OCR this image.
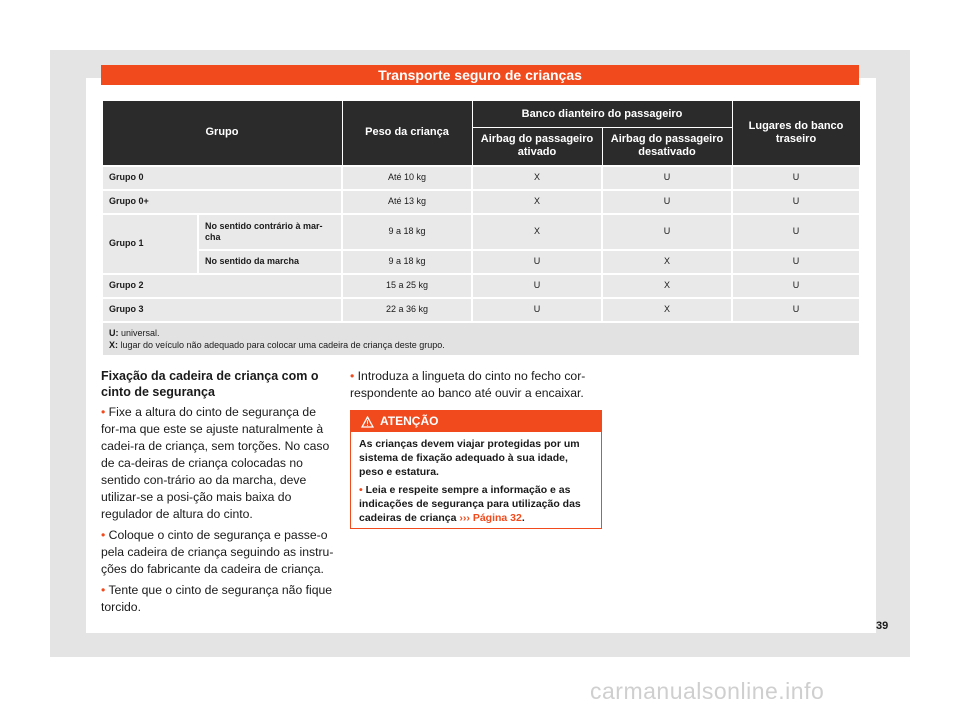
Transporte seguro de crianças
Grupo		Peso da criança	Banco dianteiro do passageiro		Lugares do banco traseiro
			Airbag do passageiro ativado	Airbag do passageiro desativado	
Grupo 0		Até 10 kg	X	U	U
Grupo 0+		Até 13 kg	X	U	U
Grupo 1	No sentido contrário à mar-cha	9 a 18 kg	X	U	U
	No sentido da marcha	9 a 18 kg	U	X	U
Grupo 2		15 a 25 kg	U	X	U
Grupo 3		22 a 36 kg	U	X	U
U: universal.
X: lugar do veículo não adequado para colocar uma cadeira de criança deste grupo.					
Fixação da cadeira de criança com o cinto de segurança

• Fixe a altura do cinto de segurança de for-ma que este se ajuste naturalmente à cadei-ra de criança, sem torções. No caso de ca-deiras de criança colocadas no sentido con-trário ao da marcha, deve utilizar-se a posi-ção mais baixa do regulador de altura do cinto.

• Coloque o cinto de segurança e passe-o pela cadeira de criança seguindo as instru-ções do fabricante da cadeira de criança.

• Tente que o cinto de segurança não fique torcido.

• Introduza a lingueta do cinto no fecho cor-respondente ao banco até ouvir a encaixar.

ATENÇÃO

As crianças devem viajar protegidas por um sistema de fixação adequado à sua idade, peso e estatura.

• Leia e respeite sempre a informação e as indicações de segurança para utilização das cadeiras de criança ››› Página 32.

39
carmanualsonline.info
